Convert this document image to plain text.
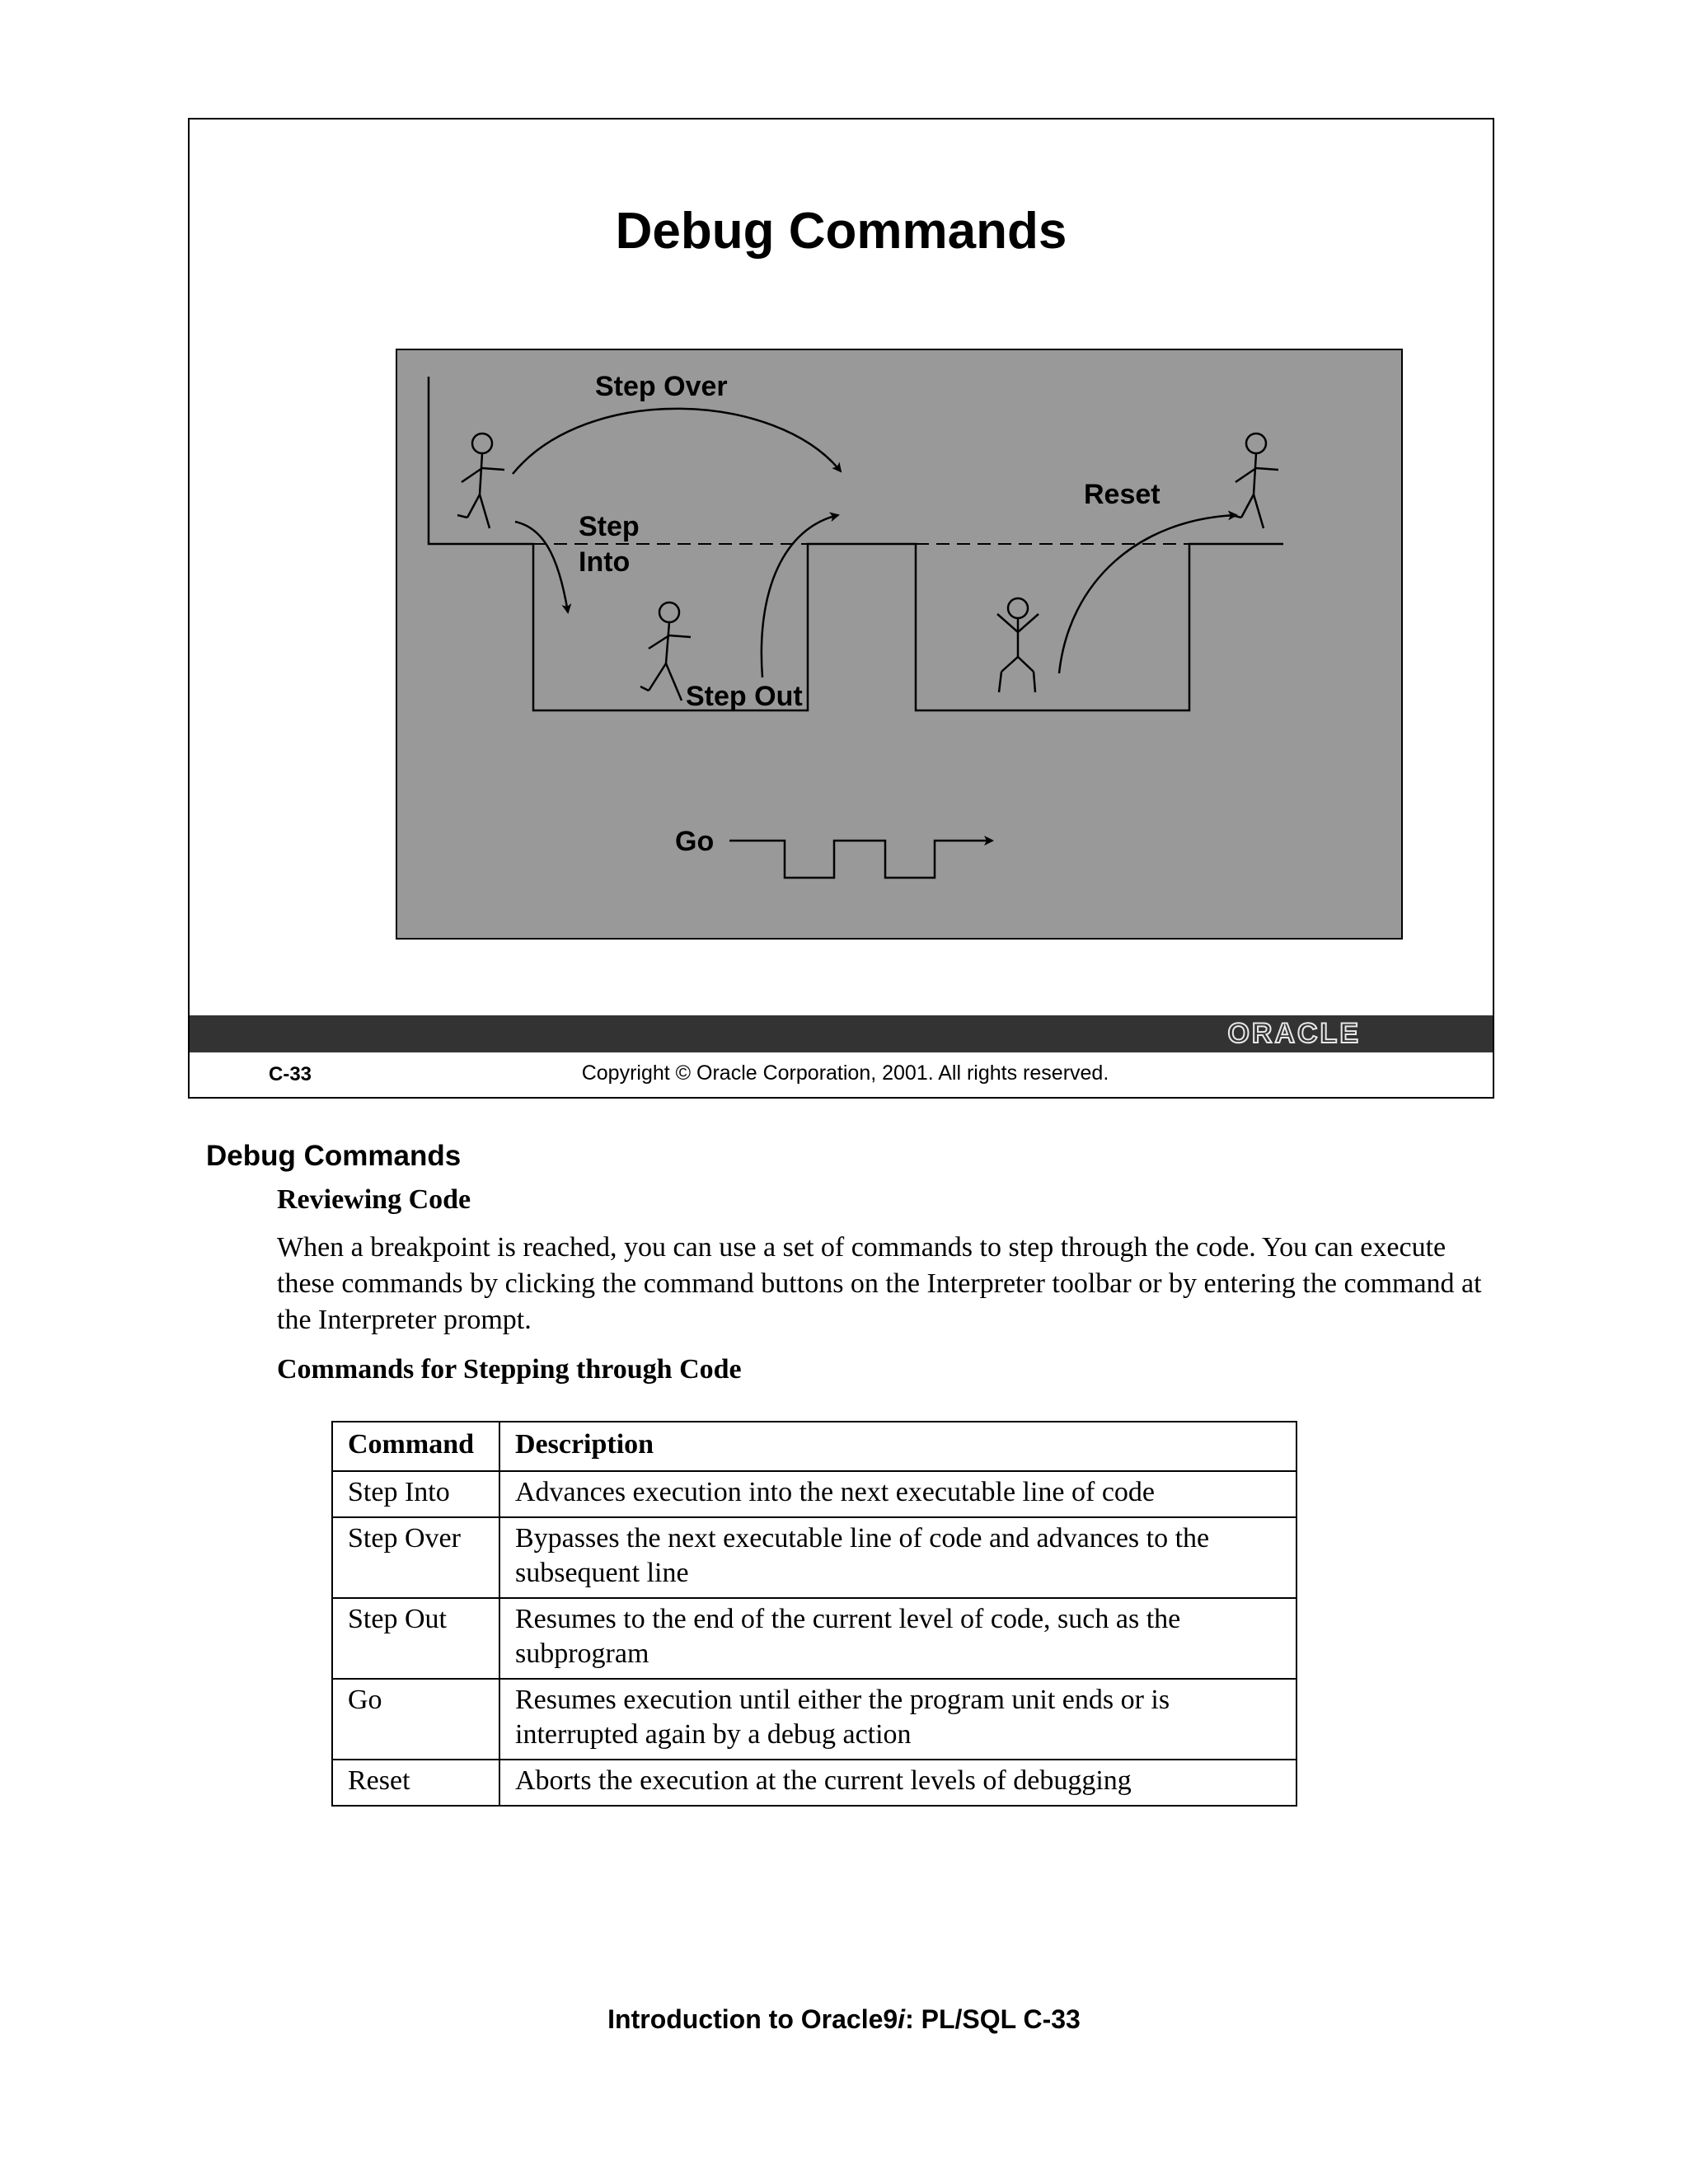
Debug Commands
Step Over
Step
Into
Step Out
Reset
Go
ORACLE
C-33	Copyright © Oracle Corporation, 2001. All rights reserved.
Debug Commands
Reviewing Code
When a breakpoint is reached, you can use a set of commands to step through the code. You can execute these commands by clicking the command buttons on the Interpreter toolbar or by entering the command at the Interpreter prompt.
Commands for Stepping through Code
Command	Description
Step Into	Advances execution into the next executable line of code
Step Over	Bypasses the next executable line of code and advances to the subsequent line
Step Out	Resumes to the end of the current level of code, such as the subprogram
Go	Resumes execution until either the program unit ends or is interrupted again by a debug action
Reset	Aborts the execution at the current levels of debugging
Introduction to Oracle9i: PL/SQL C-33
